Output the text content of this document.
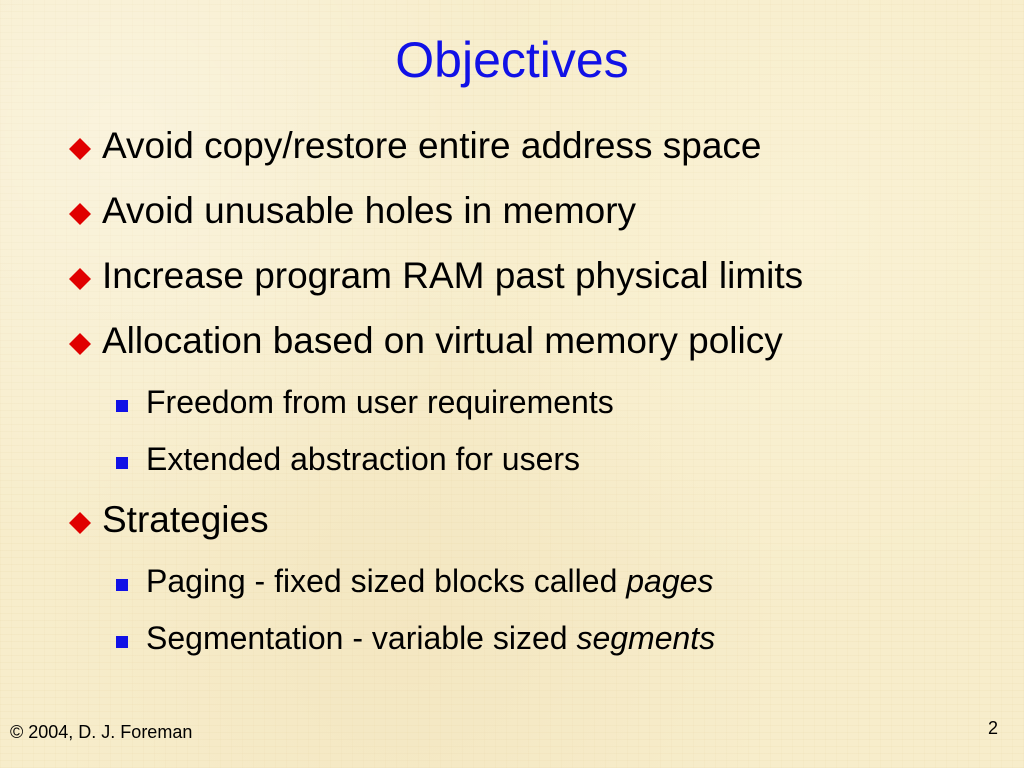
Objectives
Avoid copy/restore entire address space
Avoid unusable holes in memory
Increase program RAM past physical limits
Allocation based on virtual memory policy
Freedom from user requirements
Extended abstraction for users
Strategies
Paging - fixed sized blocks called pages
Segmentation - variable sized segments
© 2004, D. J. Foreman	2
